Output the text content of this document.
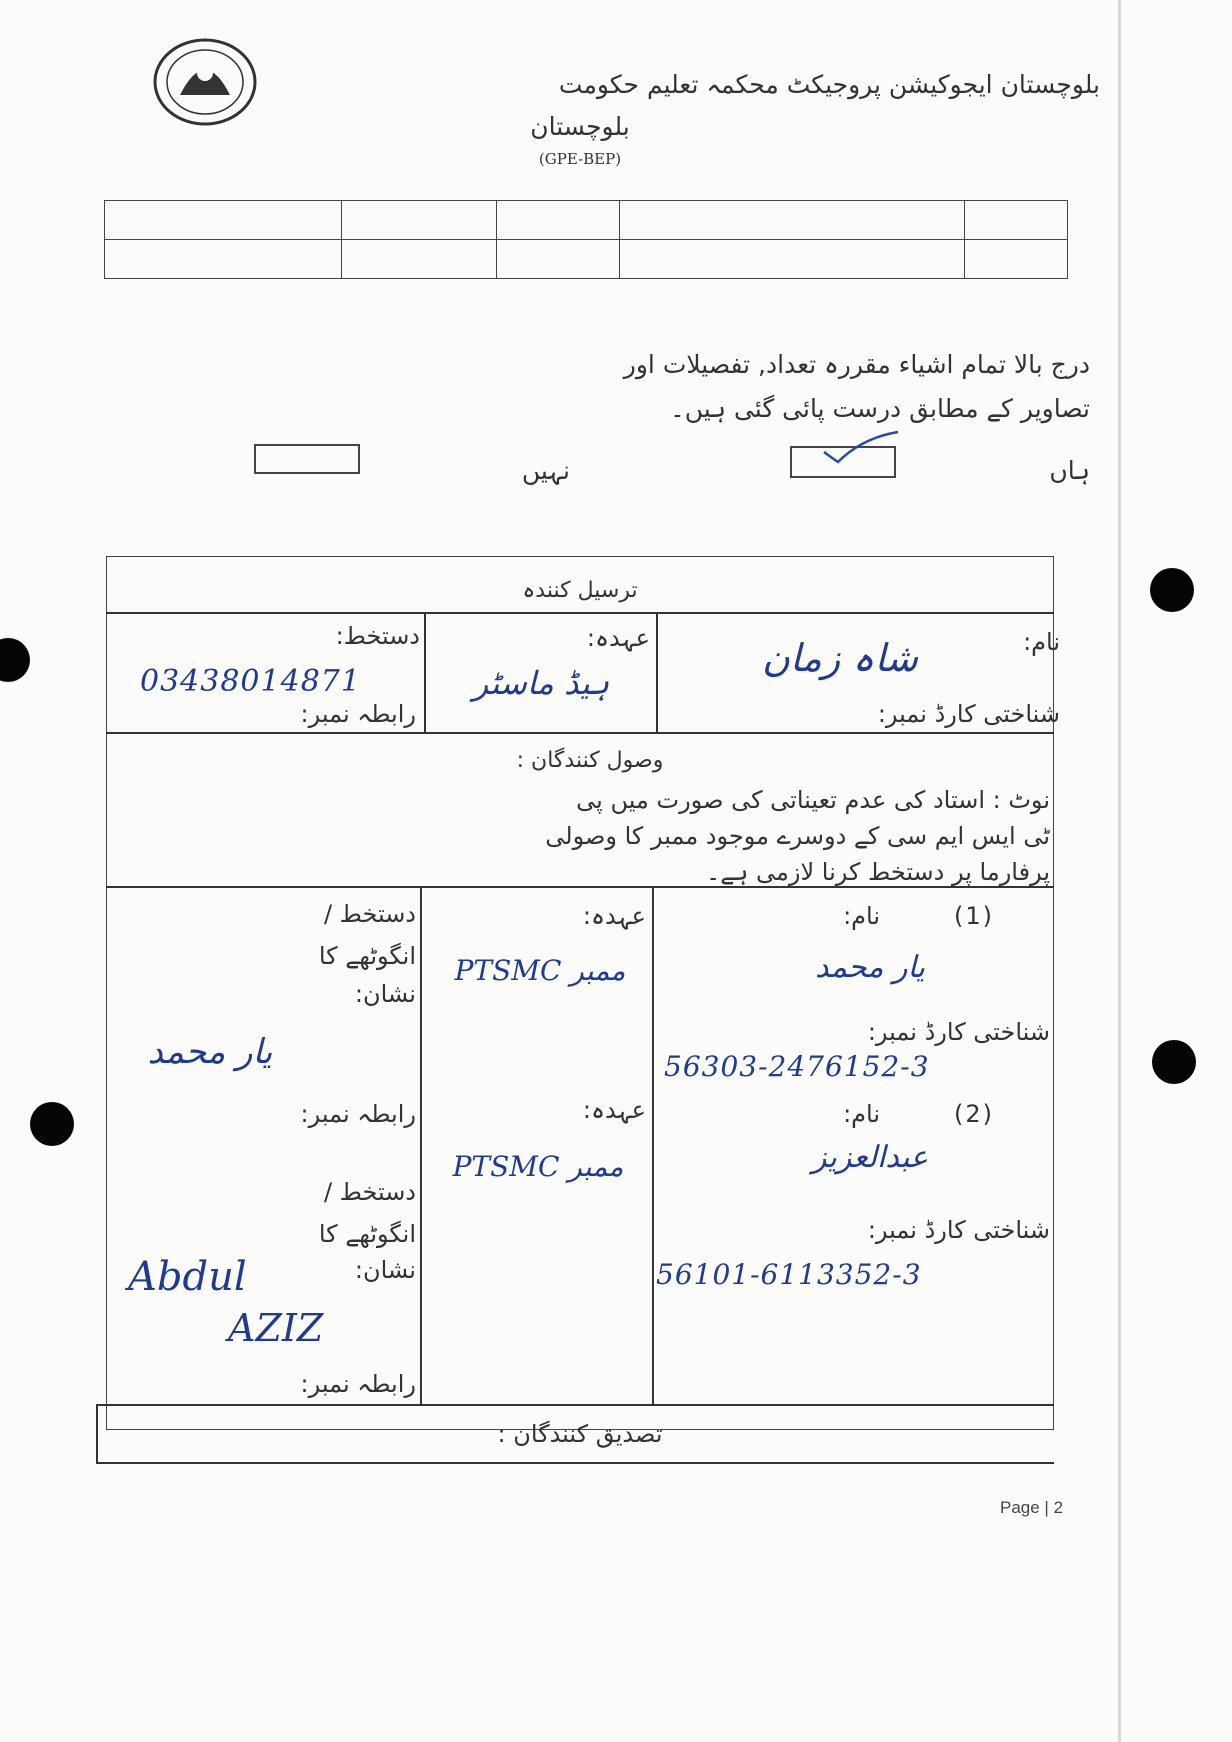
بلوچستان ایجوکیشن پروجیکٹ محکمہ تعلیم حکومت
بلوچستان
(GPE-BEP)

درج بالا تمام اشیاء مقررہ تعداد, تفصیلات اور
تصاویر کے مطابق درست پائی گئی ہیں۔
ہاں
نہیں
ترسیل کنندہ
نام:
شاہ زمان
شناختی کارڈ نمبر:
عہدہ:
ہیڈ ماسٹر
دستخط:
03438014871
رابطہ نمبر:
وصول کنندگان :
نوٹ : استاد کی عدم تعیناتی کی صورت میں پی
ٹی ایس ایم سی کے دوسرے موجود ممبر کا وصولی
پرفارما پر دستخط کرنا لازمی ہے۔
(1)
نام:
یار محمد
شناختی کارڈ نمبر:
56303-2476152-3
عہدہ:
PTSMC ممبر
دستخط /
انگوٹھے کا
نشان:
یار محمد
رابطہ نمبر:	(2)
نام:
عبدالعزیز
شناختی کارڈ نمبر:
56101-6113352-3
عہدہ:
PTSMC ممبر
دستخط /
انگوٹھے کا
نشان:
Abdul
AZIZ
رابطہ نمبر:
تصدیق کنندگان :
Page | 2
